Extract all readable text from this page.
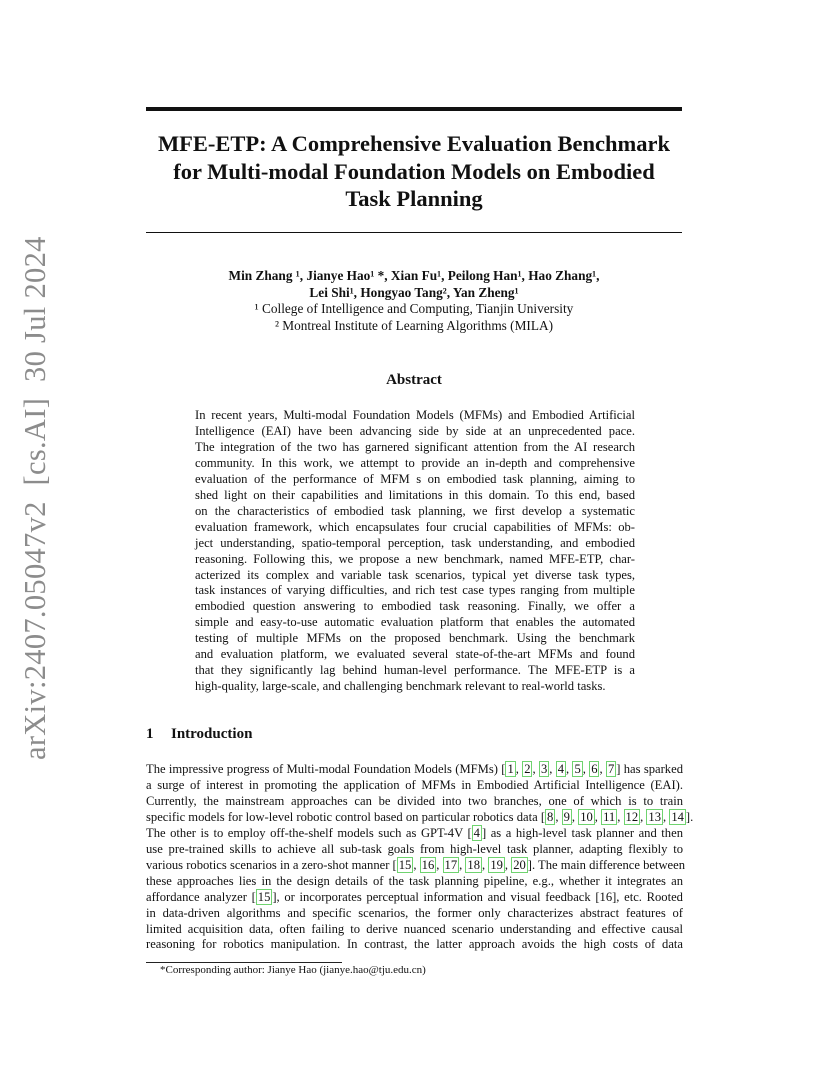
arXiv:2407.05047v2  [cs.AI]  30 Jul 2024
MFE-ETP: A Comprehensive Evaluation Benchmark
for Multi-modal Foundation Models on Embodied
Task Planning
Min Zhang ¹, Jianye Hao¹ *, Xian Fu¹, Peilong Han¹, Hao Zhang¹,
Lei Shi¹, Hongyao Tang², Yan Zheng¹
¹ College of Intelligence and Computing, Tianjin University
² Montreal Institute of Learning Algorithms (MILA)
Abstract
In recent years, Multi-modal Foundation Models (MFMs) and Embodied Artificial
Intelligence (EAI) have been advancing side by side at an unprecedented pace.
The integration of the two has garnered significant attention from the AI research
community. In this work, we attempt to provide an in-depth and comprehensive
evaluation of the performance of MFM s on embodied task planning, aiming to
shed light on their capabilities and limitations in this domain. To this end, based
on the characteristics of embodied task planning, we first develop a systematic
evaluation framework, which encapsulates four crucial capabilities of MFMs: ob-
ject understanding, spatio-temporal perception, task understanding, and embodied
reasoning. Following this, we propose a new benchmark, named MFE-ETP, char-
acterized its complex and variable task scenarios, typical yet diverse task types,
task instances of varying difficulties, and rich test case types ranging from multiple
embodied question answering to embodied task reasoning. Finally, we offer a
simple and easy-to-use automatic evaluation platform that enables the automated
testing of multiple MFMs on the proposed benchmark. Using the benchmark
and evaluation platform, we evaluated several state-of-the-art MFMs and found
that they significantly lag behind human-level performance. The MFE-ETP is a
high-quality, large-scale, and challenging benchmark relevant to real-world tasks.
1 Introduction
The impressive progress of Multi-modal Foundation Models (MFMs) [ 1 , 2 , 3 , 4 , 5 , 6 , 7 ] has sparked
a surge of interest in promoting the application of MFMs in Embodied Artificial Intelligence (EAI).
Currently, the mainstream approaches can be divided into two branches, one of which is to train
specific models for low-level robotic control based on particular robotics data [ 8 , 9 , 10 , 11 , 12 , 13 , 14 ].
The other is to employ off-the-shelf models such as GPT-4V [ 4 ] as a high-level task planner and then
use pre-trained skills to achieve all sub-task goals from high-level task planner, adapting flexibly to
various robotics scenarios in a zero-shot manner [ 15 , 16 , 17 , 18 , 19 , 20 ]. The main difference between
these approaches lies in the design details of the task planning pipeline, e.g., whether it integrates an
affordance analyzer [ 15 ], or incorporates perceptual information and visual feedback [16], etc. Rooted
in data-driven algorithms and specific scenarios, the former only characterizes abstract features of
limited acquisition data, often failing to derive nuanced scenario understanding and effective causal
reasoning for robotics manipulation. In contrast, the latter approach avoids the high costs of data
*Corresponding author: Jianye Hao (jianye.hao@tju.edu.cn)
